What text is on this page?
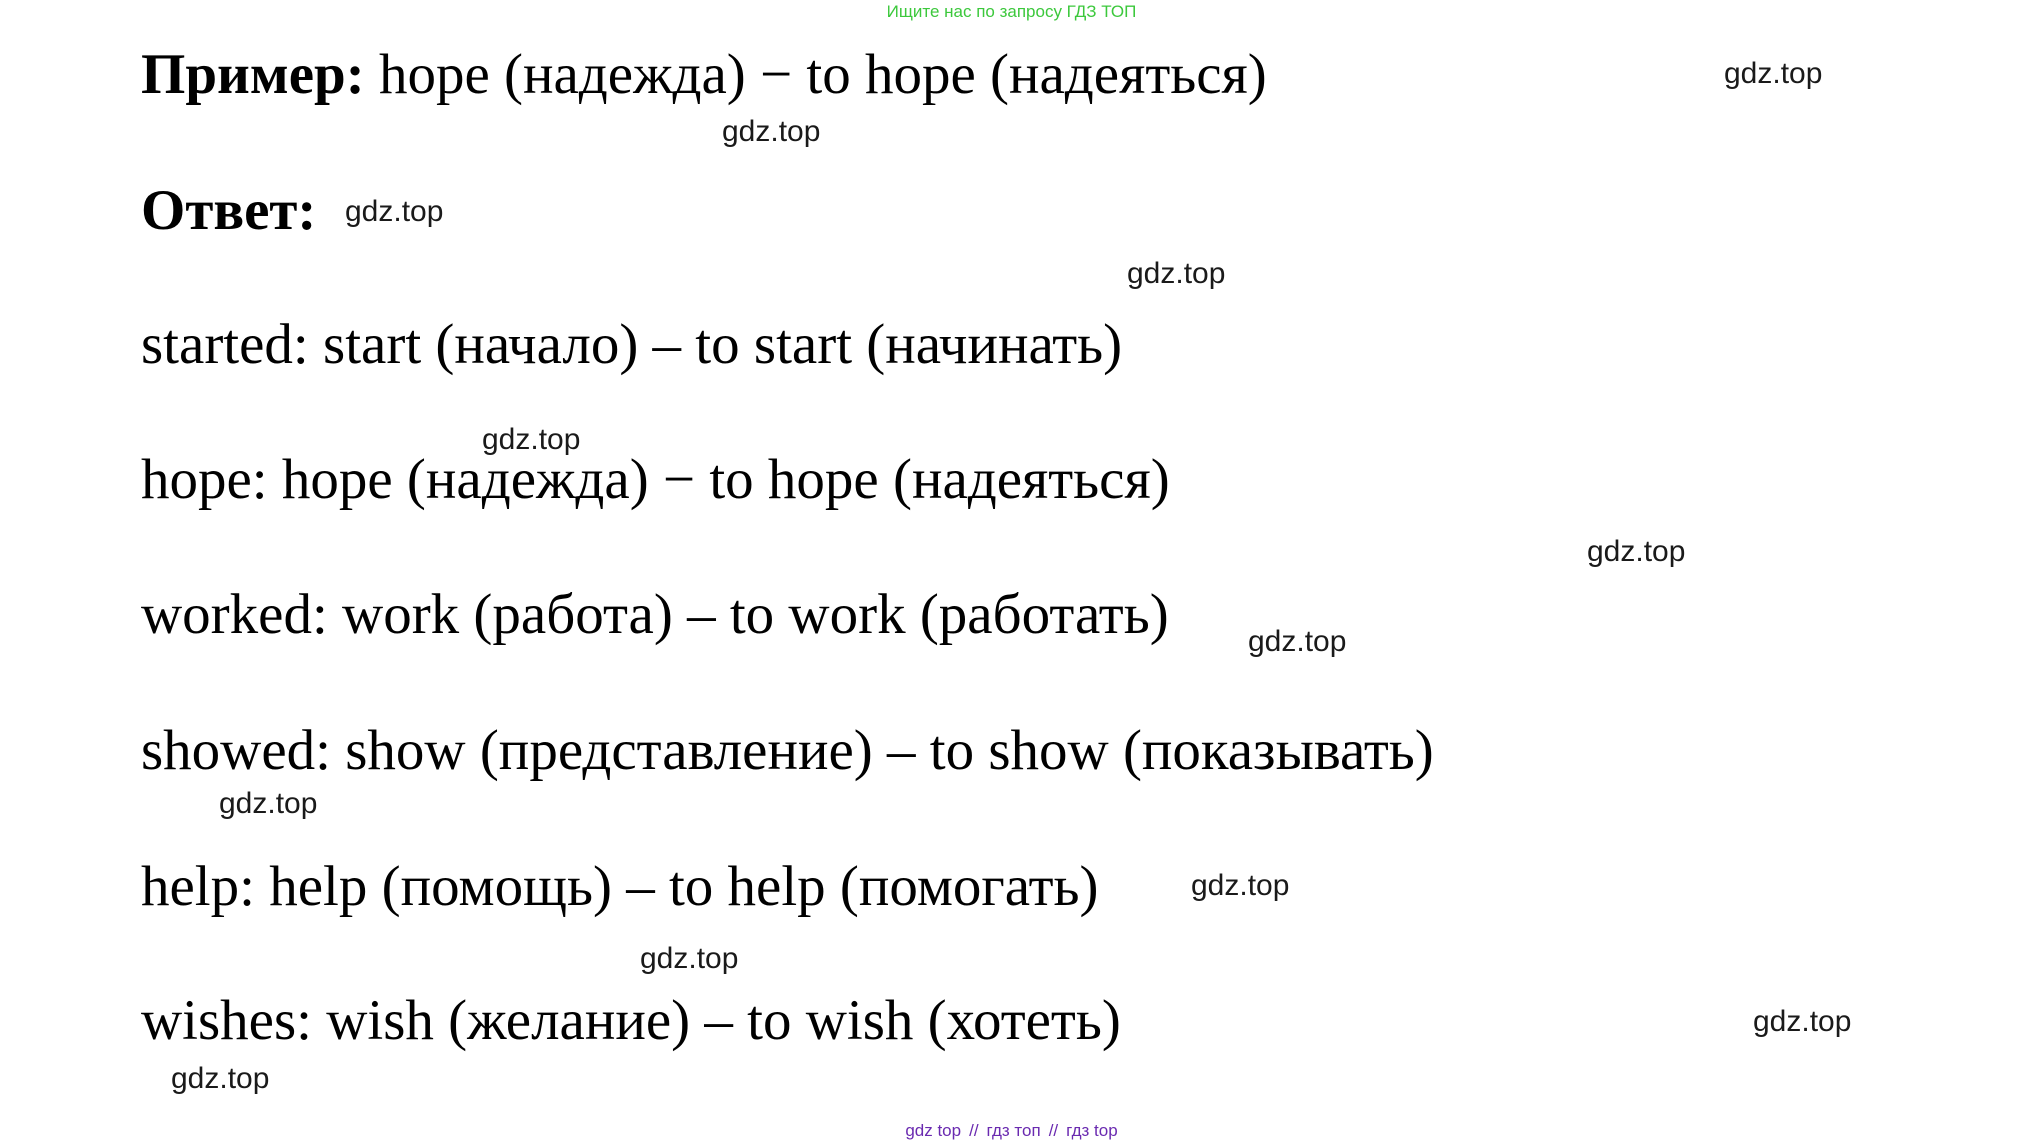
Ищите нас по запросу ГДЗ ТОП
Пример: hope (надежда) − to hope (надеяться)
Ответ:
started: start (начало) – to start (начинать)
hope: hope (надежда) − to hope (надеяться)
worked: work (работа) – to work (работать)
showed: show (представление) – to show (показывать)
help: help (помощь) – to help (помогать)
wishes: wish (желание) – to wish (хотеть)
gdz.top
gdz.top
gdz.top
gdz.top
gdz.top
gdz.top
gdz.top
gdz.top
gdz.top
gdz.top
gdz.top
gdz.top
gdz top // гдз топ // гдз top
